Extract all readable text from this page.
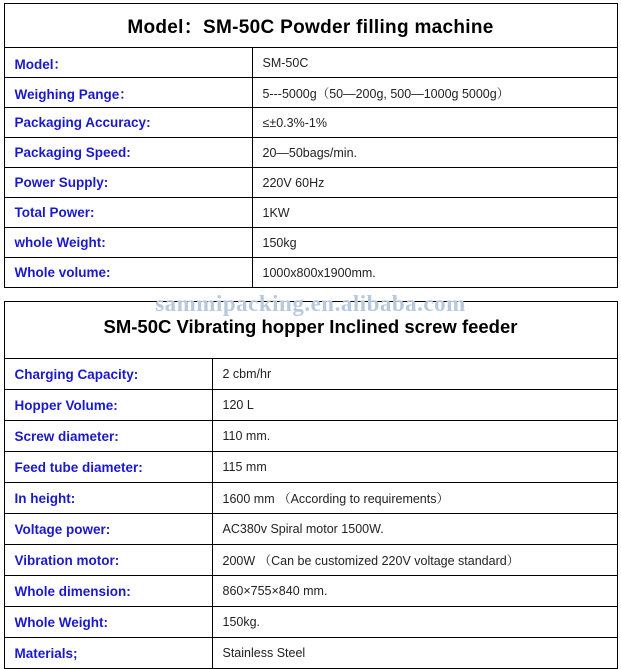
Model：SM-50C Powder filling machine	
Model：	SM-50C
Weighing Pange：	5---5000g（50—200g, 500—1000g 5000g）
Packaging Accuracy:	≤±0.3%-1%
Packaging Speed:	20—50bags/min.
Power Supply:	220V 60Hz
Total Power:	1KW
whole Weight:	150kg
Whole volume:	1000x800x1900mm.
SM-50C Vibrating hopper Inclined screw feeder	

Charging Capacity:	2 cbm/hr
Hopper Volume:	120 L
Screw diameter:	110 mm.
Feed tube diameter:	115 mm
In height:	1600 mm （According to requirements）
Voltage power:	AC380v Spiral motor 1500W.
Vibration motor:	200W （Can be customized 220V voltage standard）
Whole dimension:	860×755×840 mm.
Whole Weight:	150kg.
Materials;	Stainless Steel
sammipacking.en.alibaba.com
